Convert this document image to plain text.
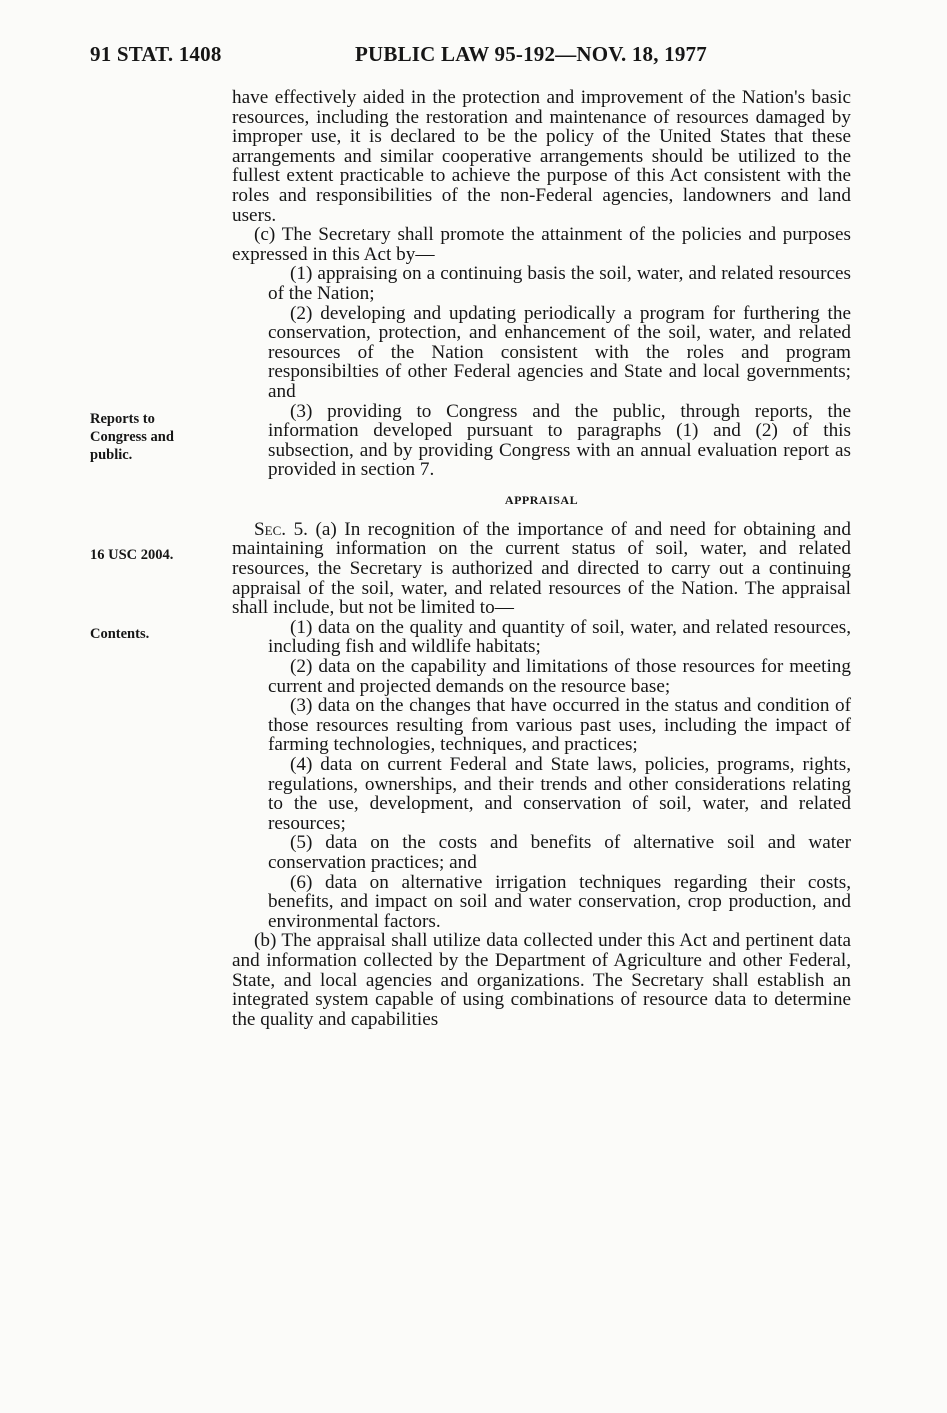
91 STAT. 1408	PUBLIC LAW 95-192—NOV. 18, 1977
Reports to Congress and public.
16 USC 2004.
Contents.

have effectively aided in the protection and improvement of the Nation's basic resources, including the restoration and maintenance of resources damaged by improper use, it is declared to be the policy of the United States that these arrangements and similar cooperative arrangements should be utilized to the fullest extent practicable to achieve the purpose of this Act consistent with the roles and responsibilities of the non-Federal agencies, landowners and land users.

(c) The Secretary shall promote the attainment of the policies and purposes expressed in this Act by—

(1) appraising on a continuing basis the soil, water, and related resources of the Nation;

(2) developing and updating periodically a program for furthering the conservation, protection, and enhancement of the soil, water, and related resources of the Nation consistent with the roles and program responsibilties of other Federal agencies and State and local governments; and

(3) providing to Congress and the public, through reports, the information developed pursuant to paragraphs (1) and (2) of this subsection, and by providing Congress with an annual evaluation report as provided in section 7.

APPRAISAL

Sec. 5. (a) In recognition of the importance of and need for obtaining and maintaining information on the current status of soil, water, and related resources, the Secretary is authorized and directed to carry out a continuing appraisal of the soil, water, and related resources of the Nation. The appraisal shall include, but not be limited to—

(1) data on the quality and quantity of soil, water, and related resources, including fish and wildlife habitats;

(2) data on the capability and limitations of those resources for meeting current and projected demands on the resource base;

(3) data on the changes that have occurred in the status and condition of those resources resulting from various past uses, including the impact of farming technologies, techniques, and practices;

(4) data on current Federal and State laws, policies, programs, rights, regulations, ownerships, and their trends and other considerations relating to the use, development, and conservation of soil, water, and related resources;

(5) data on the costs and benefits of alternative soil and water conservation practices; and

(6) data on alternative irrigation techniques regarding their costs, benefits, and impact on soil and water conservation, crop production, and environmental factors.

(b) The appraisal shall utilize data collected under this Act and pertinent data and information collected by the Department of Agriculture and other Federal, State, and local agencies and organizations. The Secretary shall establish an integrated system capable of using combinations of resource data to determine the quality and capabilities
